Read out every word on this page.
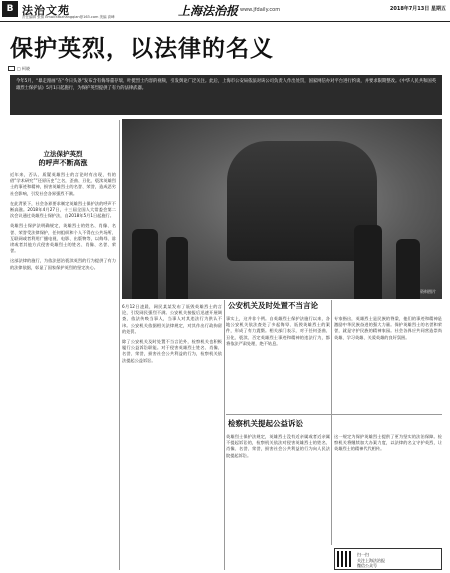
B 法治文苑
责任编辑 张倩 Email:fzbzhangqian@163.com 美编 高峰	上海法治报 www.jfdaily.com	2018年7月13日 星期五
保护英烈，以法律的名义
□ 柯晓

今年5月，“暴走漫画”在“今日头条”发布含有侮辱董存瑞、叶挺烈士内容的视频，引发舆论广泛关注。此后，上海市公安局依法对该公司负责人作出处罚，国家网信办对平台进行约谈，并要求限期整改。《中华人民共和国英雄烈士保护法》5月1日起施行，为保护英烈提供了有力的法律武器。

资料图片
立法保护英烈
的呼声不断高涨

近年来，否认、质疑英雄烈士的言论时有出现，有的借“学术研究”“还原历史”之名，歪曲、丑化、亵渎英雄烈士的事迹和精神，损害英雄烈士的名誉、荣誉，造成恶劣社会影响，引发社会各界强烈不满。

在此背景下，社会各界要求制定英雄烈士保护法的呼声不断高涨。2018年4月27日，十三届全国人大常委会第二次会议通过英雄烈士保护法，自2018年5月1日起施行。

英雄烈士保护法明确规定，英雄烈士的姓名、肖像、名誉、荣誉受法律保护，任何组织和个人不得在公共场所、互联网或者利用广播电视、电影、出版物等，以侮辱、诽谤或者其他方式侵害英雄烈士的姓名、肖像、名誉、荣誉。

这部法律的施行，为依法惩治亵渎英烈的行为提供了有力的法律依据，彰显了国家保护英烈的坚定决心。

公安机关及时处置不当言论
检察机关提起公益诉讼

6月12日凌晨，网民某某发布了诋毁英雄烈士的言论，引发网民强烈不满。公安机关接报后迅速开展调查，依法传唤当事人，当事人对其违法行为供认不讳。公安机关依据相关法律规定，对其作出行政拘留的处罚。

除了公安机关及时处置不当言论外，检察机关也积极履行公益诉讼职能。对于侵害英雄烈士姓名、肖像、名誉、荣誉，损害社会公共利益的行为，检察机关依法提起公益诉讼。

事实上，这并非个例。自英雄烈士保护法施行以来，各地公安机关依法查处了多起侮辱、诋毁英雄烈士的案件，形成了有力震慑。相关部门表示，对于任何歪曲、丑化、亵渎、否定英雄烈士事迹和精神的违法行为，都将依法严肃处理，绝不姑息。

英雄烈士保护法规定，英雄烈士没有近亲属或者近亲属不提起诉讼的，检察机关依法对侵害英雄烈士的姓名、肖像、名誉、荣誉，损害社会公共利益的行为向人民法院提起诉讼。

专家指出，英雄烈士是民族的脊梁，他们的事迹和精神是激励中华民族奋进的强大力量。保护英雄烈士的名誉和荣誉，就是守护民族的精神家园。社会各界应共同营造崇尚英雄、学习英雄、关爱英雄的良好氛围。

这一规定为保护英雄烈士提供了更为坚实的法治保障。检察机关将继续加大办案力度，以法律的名义守护英烈，让英雄烈士的精神代代相传。

扫一扫
关注上海法治报
微信公众号
